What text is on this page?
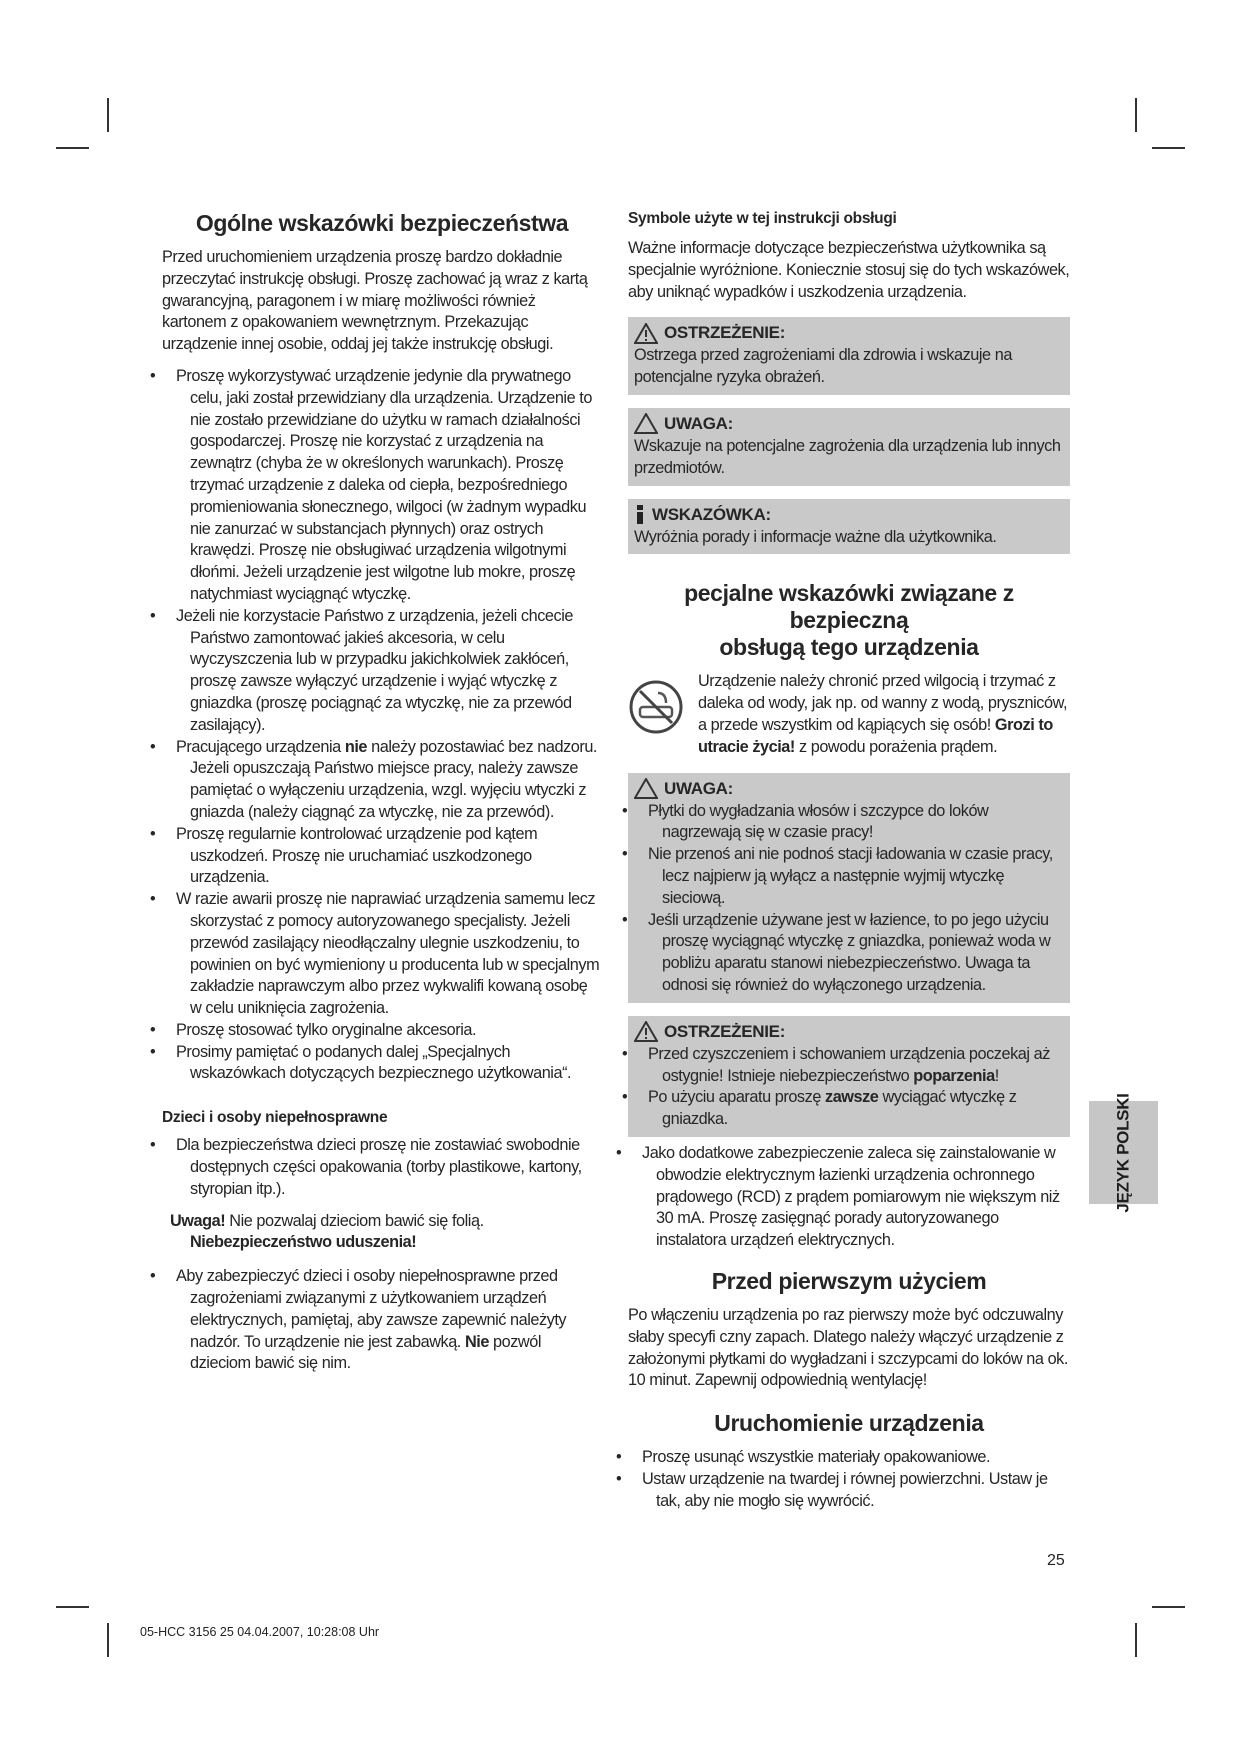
Ogólne wskazówki bezpieczeństwa

Przed uruchomieniem urządzenia proszę bardzo dokładnie przeczytać instrukcję obsługi. Proszę zachować ją wraz z kartą gwarancyjną, paragonem i w miarę możliwości również kartonem z opakowaniem wewnętrznym. Przekazując urządzenie innej osobie, oddaj jej także instrukcję obsługi.

•	Proszę wykorzystywać urządzenie jedynie dla prywatnego celu, jaki został przewidziany dla urządzenia. Urządzenie to nie zostało przewidziane do użytku w ramach działalności gospodarczej. Proszę nie korzystać z urządzenia na zewnątrz (chyba że w określonych warunkach). Proszę trzymać urządzenie z daleka od ciepła, bezpośredniego promieniowania słonecznego, wilgoci (w żadnym wypadku nie zanurzać w substancjach płynnych) oraz ostrych krawędzi. Proszę nie obsługiwać urządzenia wilgotnymi dłońmi. Jeżeli urządzenie jest wilgotne lub mokre, proszę natychmiast wyciągnąć wtyczkę.
•	Jeżeli nie korzystacie Państwo z urządzenia, jeżeli chcecie Państwo zamontować jakieś akcesoria, w celu wyczyszczenia lub w przypadku jakichkolwiek zakłóceń, proszę zawsze wyłączyć urządzenie i wyjąć wtyczkę z gniazdka (proszę pociągnąć za wtyczkę, nie za przewód zasilający).
•	Pracującego urządzenia nie należy pozostawiać bez nadzoru. Jeżeli opuszczają Państwo miejsce pracy, należy zawsze pamiętać o wyłączeniu urządzenia, wzgl. wyjęciu wtyczki z gniazda (należy ciągnąć za wtyczkę, nie za przewód).
•	Proszę regularnie kontrolować urządzenie pod kątem uszkodzeń. Proszę nie uruchamiać uszkodzonego urządzenia.
•	W razie awarii proszę nie naprawiać urządzenia samemu lecz skorzystać z pomocy autoryzowanego specjalisty. Jeżeli przewód zasilający nieodłączalny ulegnie uszkodzeniu, to powinien on być wymieniony u producenta lub w specjalnym zakładzie naprawczym albo przez wykwalifi kowaną osobę w celu uniknięcia zagrożenia.
•	Proszę stosować tylko oryginalne akcesoria.
•	Prosimy pamiętać o podanych dalej „Specjalnych wskazówkach dotyczących bezpiecznego użytkowania“.
Dzieci i osoby niepełnosprawne
•	Dla bezpieczeństwa dzieci proszę nie zostawiać swobodnie dostępnych części opakowania (torby plastikowe, kartony, styropian itp.).

Uwaga! Nie pozwalaj dzieciom bawić się folią.
Niebezpieczeństwo uduszenia!

•	Aby zabezpieczyć dzieci i osoby niepełnosprawne przed zagrożeniami związanymi z użytkowaniem urządzeń elektrycznych, pamiętaj, aby zawsze zapewnić należyty nadzór. To urządzenie nie jest zabawką. Nie pozwól dzieciom bawić się nim.
Symbole użyte w tej instrukcji obsługi

Ważne informacje dotyczące bezpieczeństwa użytkownika są specjalnie wyróżnione. Koniecznie stosuj się do tych wskazówek, aby uniknąć wypadków i uszkodzenia urządzenia.

OSTRZEŻENIE:

Ostrzega przed zagrożeniami dla zdrowia i wskazuje na potencjalne ryzyka obrażeń.

UWAGA:

Wskazuje na potencjalne zagrożenia dla urządzenia lub innych przedmiotów.

WSKAZÓWKA:

Wyróżnia porady i informacje ważne dla użytkownika.

pecjalne wskazówki związane z bezpieczną
obsługą tego urządzenia

Urządzenie należy chronić przed wilgocią i trzymać z daleka od wody, jak np. od wanny z wodą, pryszniców, a przede wszystkim od kąpiących się osób! Grozi to utracie życia! z powodu porażenia prądem.

UWAGA:
•	Płytki do wygładzania włosów i szczypce do loków nagrzewają się w czasie pracy!
•	Nie przenoś ani nie podnoś stacji ładowania w czasie pracy, lecz najpierw ją wyłącz a następnie wyjmij wtyczkę sieciową.
•	Jeśli urządzenie używane jest w łazience, to po jego użyciu proszę wyciągnąć wtyczkę z gniazdka, ponieważ woda w pobliżu aparatu stanowi niebezpieczeństwo. Uwaga ta odnosi się również do wyłączonego urządzenia.
OSTRZEŻENIE:
•	Przed czyszczeniem i schowaniem urządzenia poczekaj aż ostygnie! Istnieje niebezpieczeństwo poparzenia!
•	Po użyciu aparatu proszę zawsze wyciągać wtyczkę z gniazdka.
•	Jako dodatkowe zabezpieczenie zaleca się zainstalowanie w obwodzie elektrycznym łazienki urządzenia ochronnego prądowego (RCD) z prądem pomiarowym nie większym niż 30 mA. Proszę zasięgnąć porady autoryzowanego instalatora urządzeń elektrycznych.
Przed pierwszym użyciem

Po włączeniu urządzenia po raz pierwszy może być odczuwalny słaby specyfi czny zapach. Dlatego należy włączyć urządzenie z założonymi płytkami do wygładzani i szczypcami do loków na ok. 10 minut. Zapewnij odpowiednią wentylację!

Uruchomienie urządzenia
•	Proszę usunąć wszystkie materiały opakowaniowe.
•	Ustaw urządzenie na twardej i równej powierzchni. Ustaw je tak, aby nie mogło się wywrócić.
JĘZYK POLSKI
25
05-HCC 3156 25 04.04.2007, 10:28:08 Uhr
